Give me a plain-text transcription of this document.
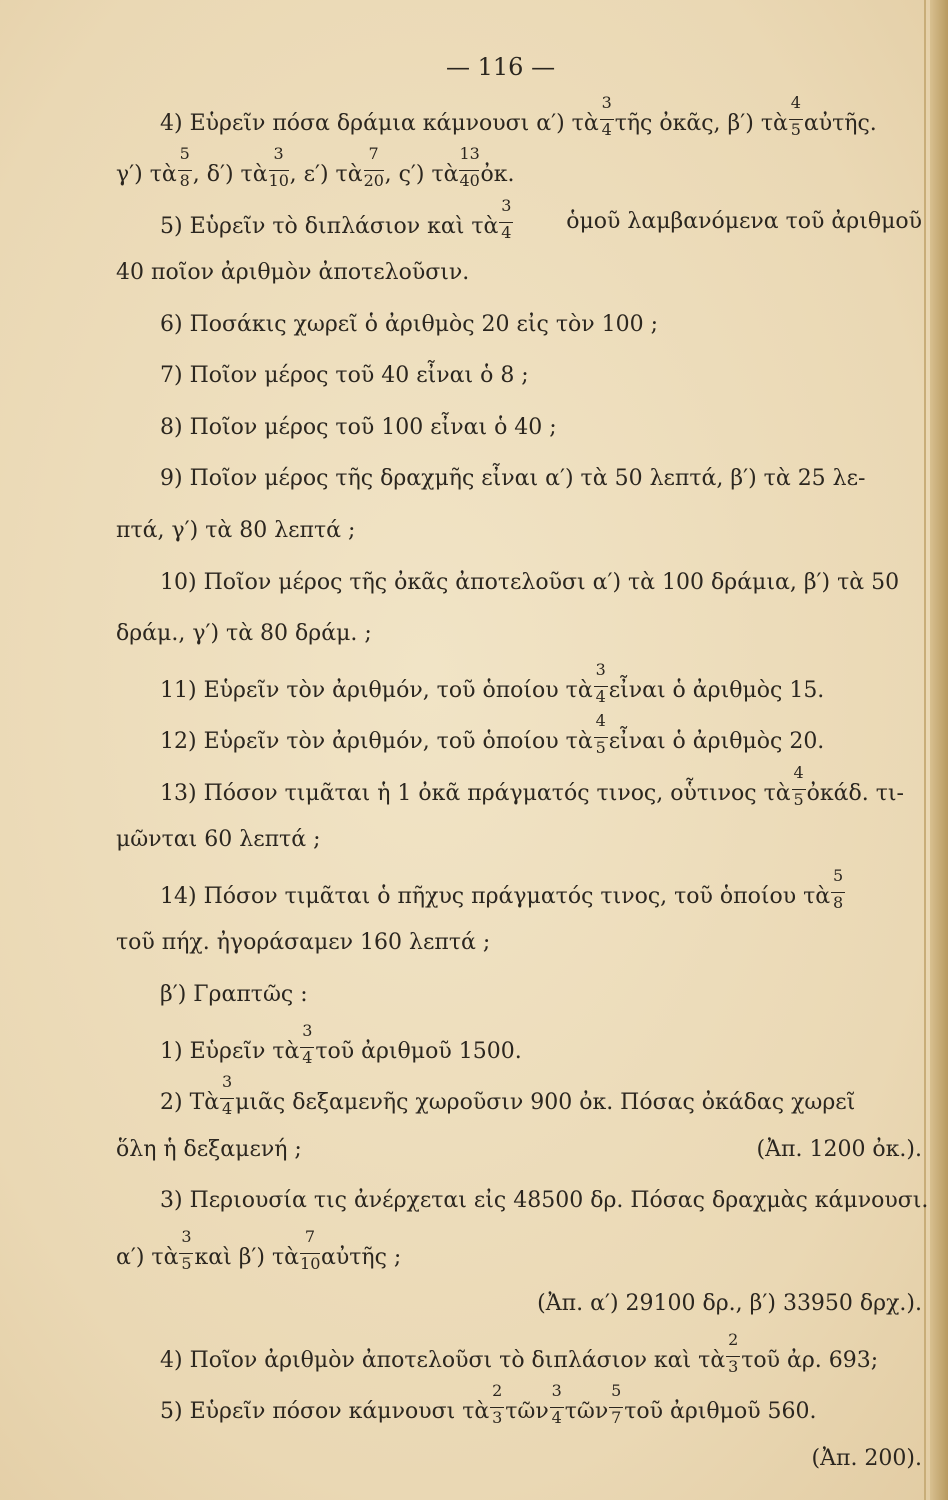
— 116 —
4) Εὑρεῖν πόσα δράμια κάμνουσι α′) τὰ $\frac{3}{4}$ τῆς ὀκᾶς, β′) τὰ $\frac{4}{5}$ αὐτῆς.
γ′) τὰ $\frac{5}{8}$ , δ′) τὰ $\frac{3}{10}$ , ε′) τὰ $\frac{7}{20}$ , ς′) τὰ $\frac{13}{40}$ ὀκ.
5) Εὑρεῖν τὸ διπλάσιον καὶ τὰ $\frac{3}{4}$ ὁμοῦ λαμβανόμενα τοῦ ἀριθμοῦ
40 ποῖον ἀριθμὸν ἀποτελοῦσιν.
6) Ποσάκις χωρεῖ ὁ ἀριθμὸς 20 εἰς τὸν 100 ;
7) Ποῖον μέρος τοῦ 40 εἶναι ὁ 8 ;
8) Ποῖον μέρος τοῦ 100 εἶναι ὁ 40 ;
9) Ποῖον μέρος τῆς δραχμῆς εἶναι α′) τὰ 50 λεπτά, β′) τὰ 25 λε-
πτά, γ′) τὰ 80 λεπτά ;
10) Ποῖον μέρος τῆς ὀκᾶς ἀποτελοῦσι α′) τὰ 100 δράμια, β′) τὰ 50
δράμ., γ′) τὰ 80 δράμ. ;
11) Εὑρεῖν τὸν ἀριθμόν, τοῦ ὁποίου τὰ $\frac{3}{4}$ εἶναι ὁ ἀριθμὸς 15.
12) Εὑρεῖν τὸν ἀριθμόν, τοῦ ὁποίου τὰ $\frac{4}{5}$ εἶναι ὁ ἀριθμὸς 20.
13) Πόσον τιμᾶται ἡ 1 ὀκᾶ πράγματός τινος, οὗτινος τὰ $\frac{4}{5}$ ὀκάδ. τι-
μῶνται 60 λεπτά ;
14) Πόσον τιμᾶται ὁ πῆχυς πράγματός τινος, τοῦ ὁποίου τὰ $\frac{5}{8}$
τοῦ πήχ. ἠγοράσαμεν 160 λεπτά ;
β′) Γραπτῶς :
1) Εὑρεῖν τὰ $\frac{3}{4}$ τοῦ ἀριθμοῦ 1500.
2) Τὰ $\frac{3}{4}$ μιᾶς δεξαμενῆς χωροῦσιν 900 ὀκ. Πόσας ὀκάδας χωρεῖ
ὅλη ἡ δεξαμενή ;	(Ἀπ. 1200 ὀκ.).
3) Περιουσία τις ἀνέρχεται εἰς 48500 δρ. Πόσας δραχμὰς κάμνουσι.
α′) τὰ $\frac{3}{5}$ καὶ β′) τὰ $\frac{7}{10}$ αὐτῆς ;
(Ἀπ. α′) 29100 δρ., β′) 33950 δρχ.).
4) Ποῖον ἀριθμὸν ἀποτελοῦσι τὸ διπλάσιον καὶ τὰ $\frac{2}{3}$ τοῦ ἀρ. 693;
5) Εὑρεῖν πόσον κάμνουσι τὰ $\frac{2}{3}$ τῶν $\frac{3}{4}$ τῶν $\frac{5}{7}$ τοῦ ἀριθμοῦ 560.
(Ἀπ. 200).
